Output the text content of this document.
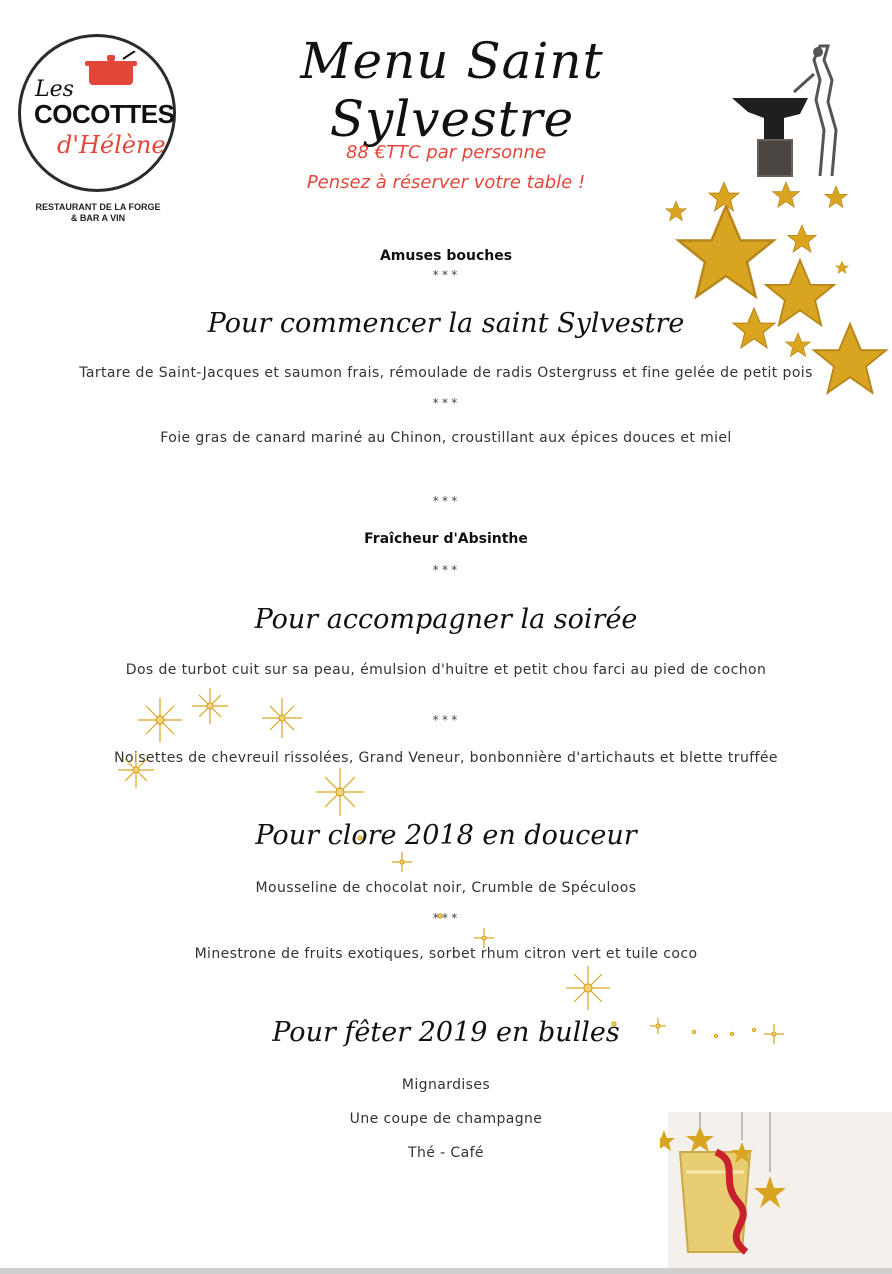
Les
COCOTTES
d'Hélène
RESTAURANT DE LA FORGE
& BAR A VIN
Menu Saint Sylvestre
88 €TTC par personne
Pensez à réserver votre table !
Amuses bouches
***
Pour commencer la saint Sylvestre
Tartare de Saint-Jacques et saumon frais, rémoulade de radis Ostergruss et fine gelée de petit pois
***
Foie gras de canard mariné au Chinon, croustillant aux épices douces et miel
***
Fraîcheur d'Absinthe
***
Pour accompagner la soirée
Dos de turbot cuit sur sa peau, émulsion d'huitre et petit chou farci au pied de cochon
***
Noisettes de chevreuil rissolées, Grand Veneur, bonbonnière d'artichauts et blette truffée
Pour clore 2018 en douceur
Mousseline de chocolat noir, Crumble de Spéculoos
***
Minestrone de fruits exotiques, sorbet rhum citron vert et tuile coco
Pour fêter 2019 en bulles
Mignardises
Une coupe de champagne
Thé - Café
